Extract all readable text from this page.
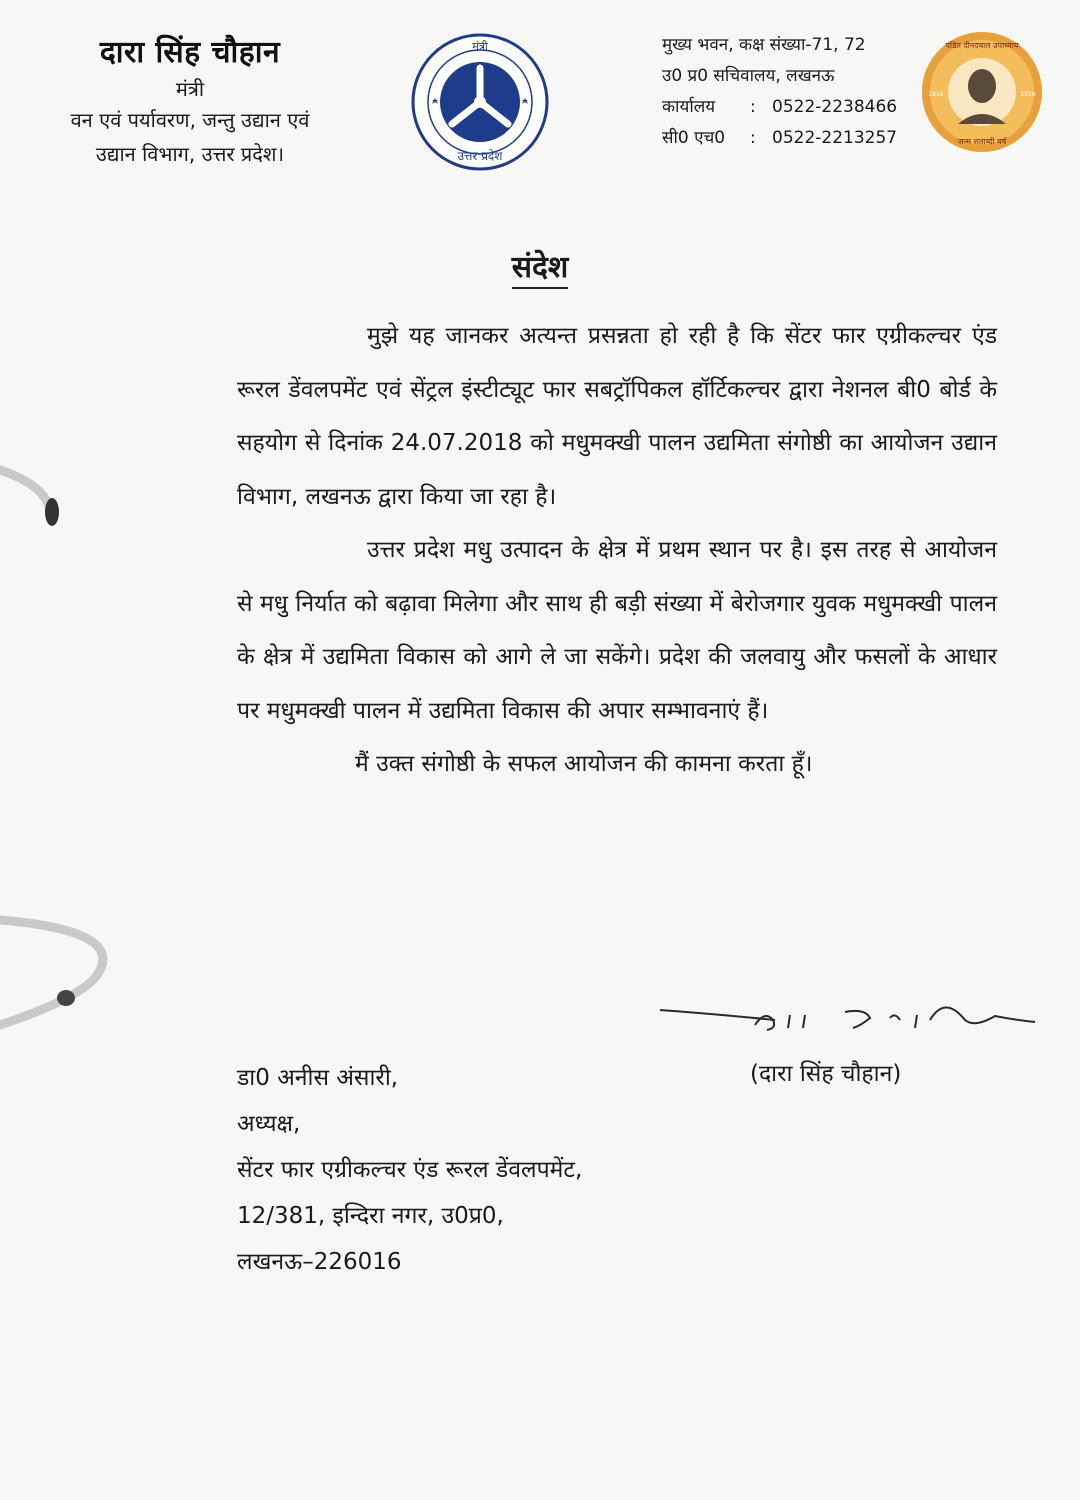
दारा सिंह चौहान
मंत्री
वन एवं पर्यावरण, जन्तु उद्यान एवं
उद्यान विभाग, उत्तर प्रदेश।
मंत्री
उत्तर प्रदेश
मुख्य भवन, कक्ष संख्या-71, 72
उ0 प्र0 सचिवालय, लखनऊ
कार्यालय : 0522-2238466
सी0 एच0 : 0522-2213257
पंडित दीनदयाल उपाध्याय
जन्म शताब्दी वर्ष
1916	2016
संदेश

मुझे यह जानकर अत्यन्त प्रसन्नता हो रही है कि सेंटर फार एग्रीकल्चर एंड रूरल डेंवलपमेंट एवं सेंट्रल इंस्टीट्यूट फार सबट्रॉपिकल हॉर्टिकल्चर द्वारा नेशनल बी0 बोर्ड के सहयोग से दिनांक 24.07.2018 को मधुमक्खी पालन उद्यमिता संगोष्ठी का आयोजन उद्यान विभाग, लखनऊ द्वारा किया जा रहा है।

उत्तर प्रदेश मधु उत्पादन के क्षेत्र में प्रथम स्थान पर है। इस तरह से आयोजन से मधु निर्यात को बढ़ावा मिलेगा और साथ ही बड़ी संख्या में बेरोजगार युवक मधुमक्खी पालन के क्षेत्र में उद्यमिता विकास को आगे ले जा सकेंगे। प्रदेश की जलवायु और फसलों के आधार पर मधुमक्खी पालन में उद्यमिता विकास की अपार सम्भावनाएं हैं।

मैं उक्त संगोष्ठी के सफल आयोजन की कामना करता हूँ।

(दारा सिंह चौहान)
डा0 अनीस अंसारी,
अध्यक्ष,
सेंटर फार एग्रीकल्चर एंड रूरल डेंवलपमेंट,
12/381, इन्दिरा नगर, उ0प्र0,
लखनऊ–226016
